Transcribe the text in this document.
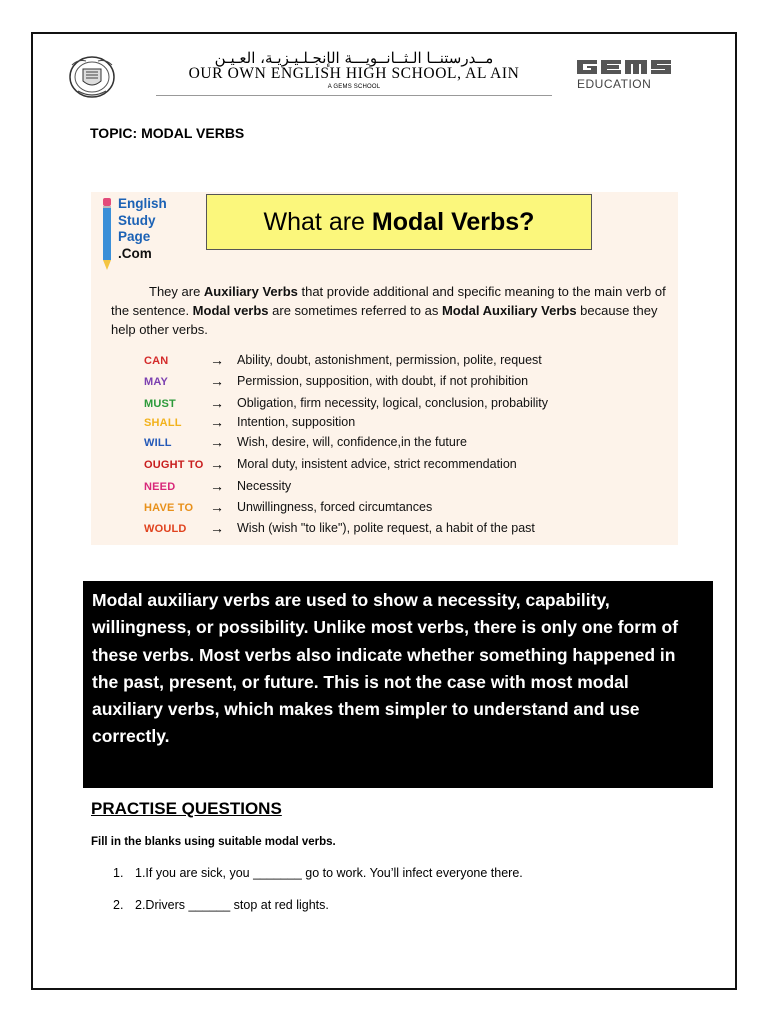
مــدرستنــا الـثــانــويـــة الإنجـلـيـزيـة، العـيـن
OUR OWN ENGLISH HIGH SCHOOL, AL AIN
A GEMS SCHOOL	EDUCATION
TOPIC: MODAL VERBS
English
Study
Page
.Com
What are Modal Verbs?
They are Auxiliary Verbs that provide additional and specific meaning to the main verb of the sentence. Modal verbs are sometimes referred to as Modal Auxiliary Verbs because they help other verbs.
CAN	→ Ability, doubt, astonishment, permission, polite, request
MAY	→ Permission, supposition, with doubt, if not prohibition
MUST → Obligation, firm necessity, logical, conclusion, probability
SHALL → Intention, supposition
WILL	→ Wish, desire, will, confidence,in the future
OUGHT TO → Moral duty, insistent advice, strict recommendation
NEED → Necessity
HAVE TO → Unwillingness, forced circumtances
WOULD → Wish (wish "to like"), polite request, a habit of the past
Modal auxiliary verbs are used to show a necessity, capability, willingness, or possibility. Unlike most verbs, there is only one form of these verbs. Most verbs also indicate whether something happened in the past, present, or future. This is not the case with most modal auxiliary verbs, which makes them simpler to understand and use correctly.
PRACTISE QUESTIONS
Fill in the blanks using suitable modal verbs.
1. 1.If you are sick, you _______ go to work. You’ll infect everyone there.
2. 2.Drivers ______ stop at red lights.
